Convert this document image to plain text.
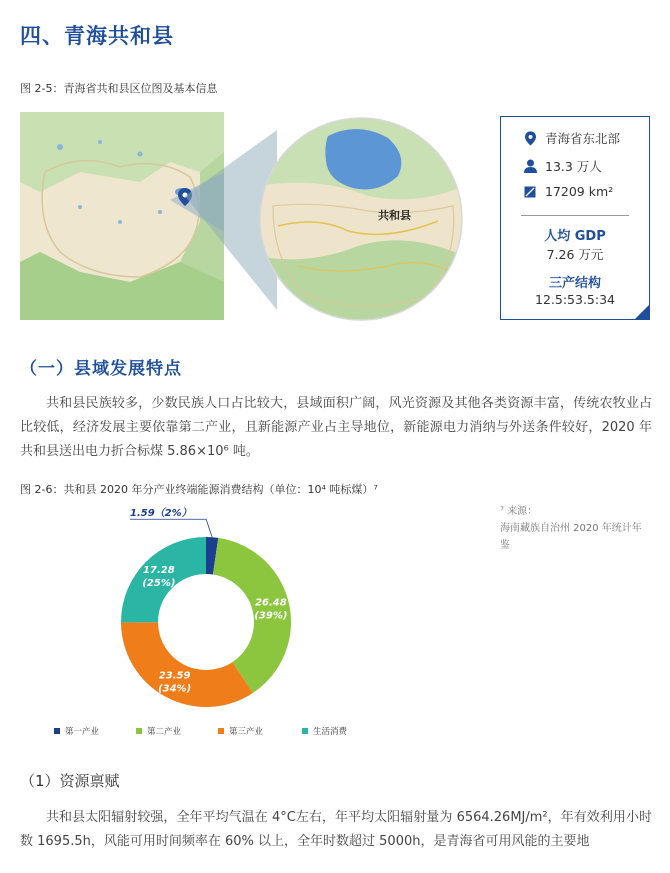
四、青海共和县
图 2-5：青海省共和县区位图及基本信息
共和县
青海省东北部
13.3 万人
17209 km²
人均 GDP
7.26 万元
三产结构
12.5:53.5:34
（一）县域发展特点
共和县民族较多，少数民族人口占比较大，县域面积广阔，风光资源及其他各类资源丰富，传统农牧业占比较低，经济发展主要依靠第二产业，且新能源产业占主导地位，新能源电力消纳与外送条件较好，2020 年共和县送出电力折合标煤 5.86×10⁶ 吨。
图 2-6：共和县 2020 年分产业终端能源消费结构（单位：10⁴ 吨标煤）⁷
⁷ 来源：
海南藏族自治州 2020 年统计年鉴
1.59（2%）
26.48
(39%)
23.59
(34%)
17.28
(25%)
第一产业	第二产业	第三产业	生活消费
（1）资源禀赋
共和县太阳辐射较强，全年平均气温在 4°C左右，年平均太阳辐射量为 6564.26MJ/m²，年有效利用小时数 1695.5h，风能可用时间频率在 60% 以上，全年时数超过 5000h，是青海省可用风能的主要地
